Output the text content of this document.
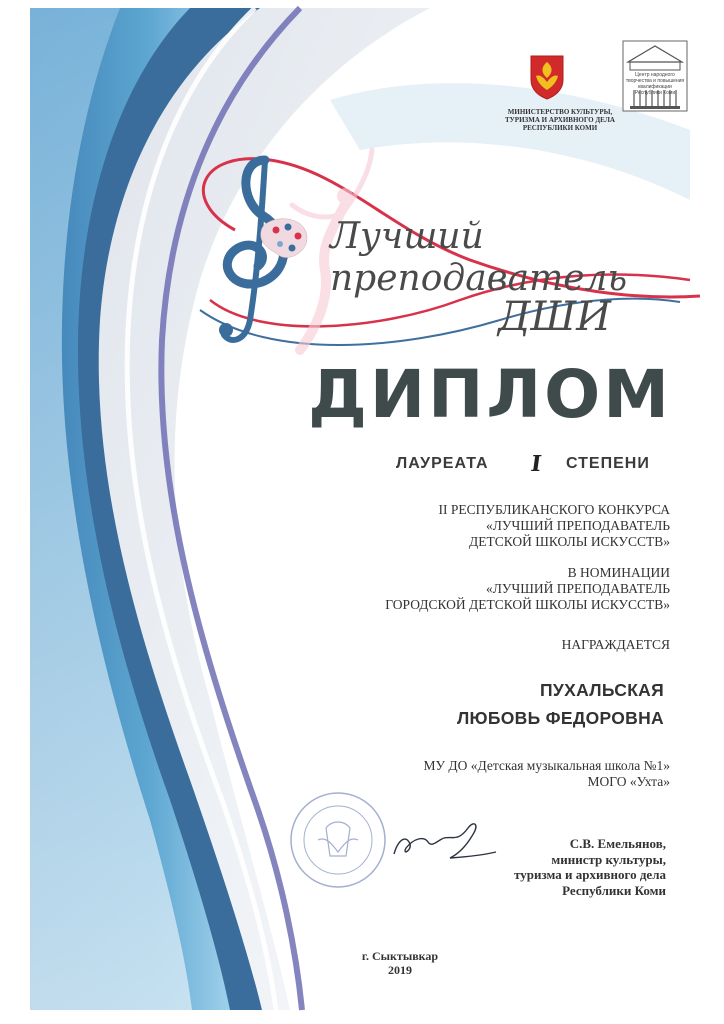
МИНИСТЕРСТВО КУЛЬТУРЫ,
ТУРИЗМА И АРХИВНОГО ДЕЛА
РЕСПУБЛИКИ КОМИ
Центр народного творчества и повышения квалификации Республики Коми
Лучший
преподаватель
ДШИ
ДИПЛОМ
ЛАУРЕАТА I СТЕПЕНИ
II РЕСПУБЛИКАНСКОГО КОНКУРСА
«ЛУЧШИЙ ПРЕПОДАВАТЕЛЬ
ДЕТСКОЙ ШКОЛЫ ИСКУССТВ»
В НОМИНАЦИИ
«ЛУЧШИЙ ПРЕПОДАВАТЕЛЬ
ГОРОДСКОЙ ДЕТСКОЙ ШКОЛЫ ИСКУССТВ»
НАГРАЖДАЕТСЯ
ПУХАЛЬСКАЯ
ЛЮБОВЬ ФЕДОРОВНА
МУ ДО «Детская музыкальная школа №1»
МОГО «Ухта»
С.В. Емельянов,
министр культуры,
туризма и архивного дела
Республики Коми
г. Сыктывкар
2019
